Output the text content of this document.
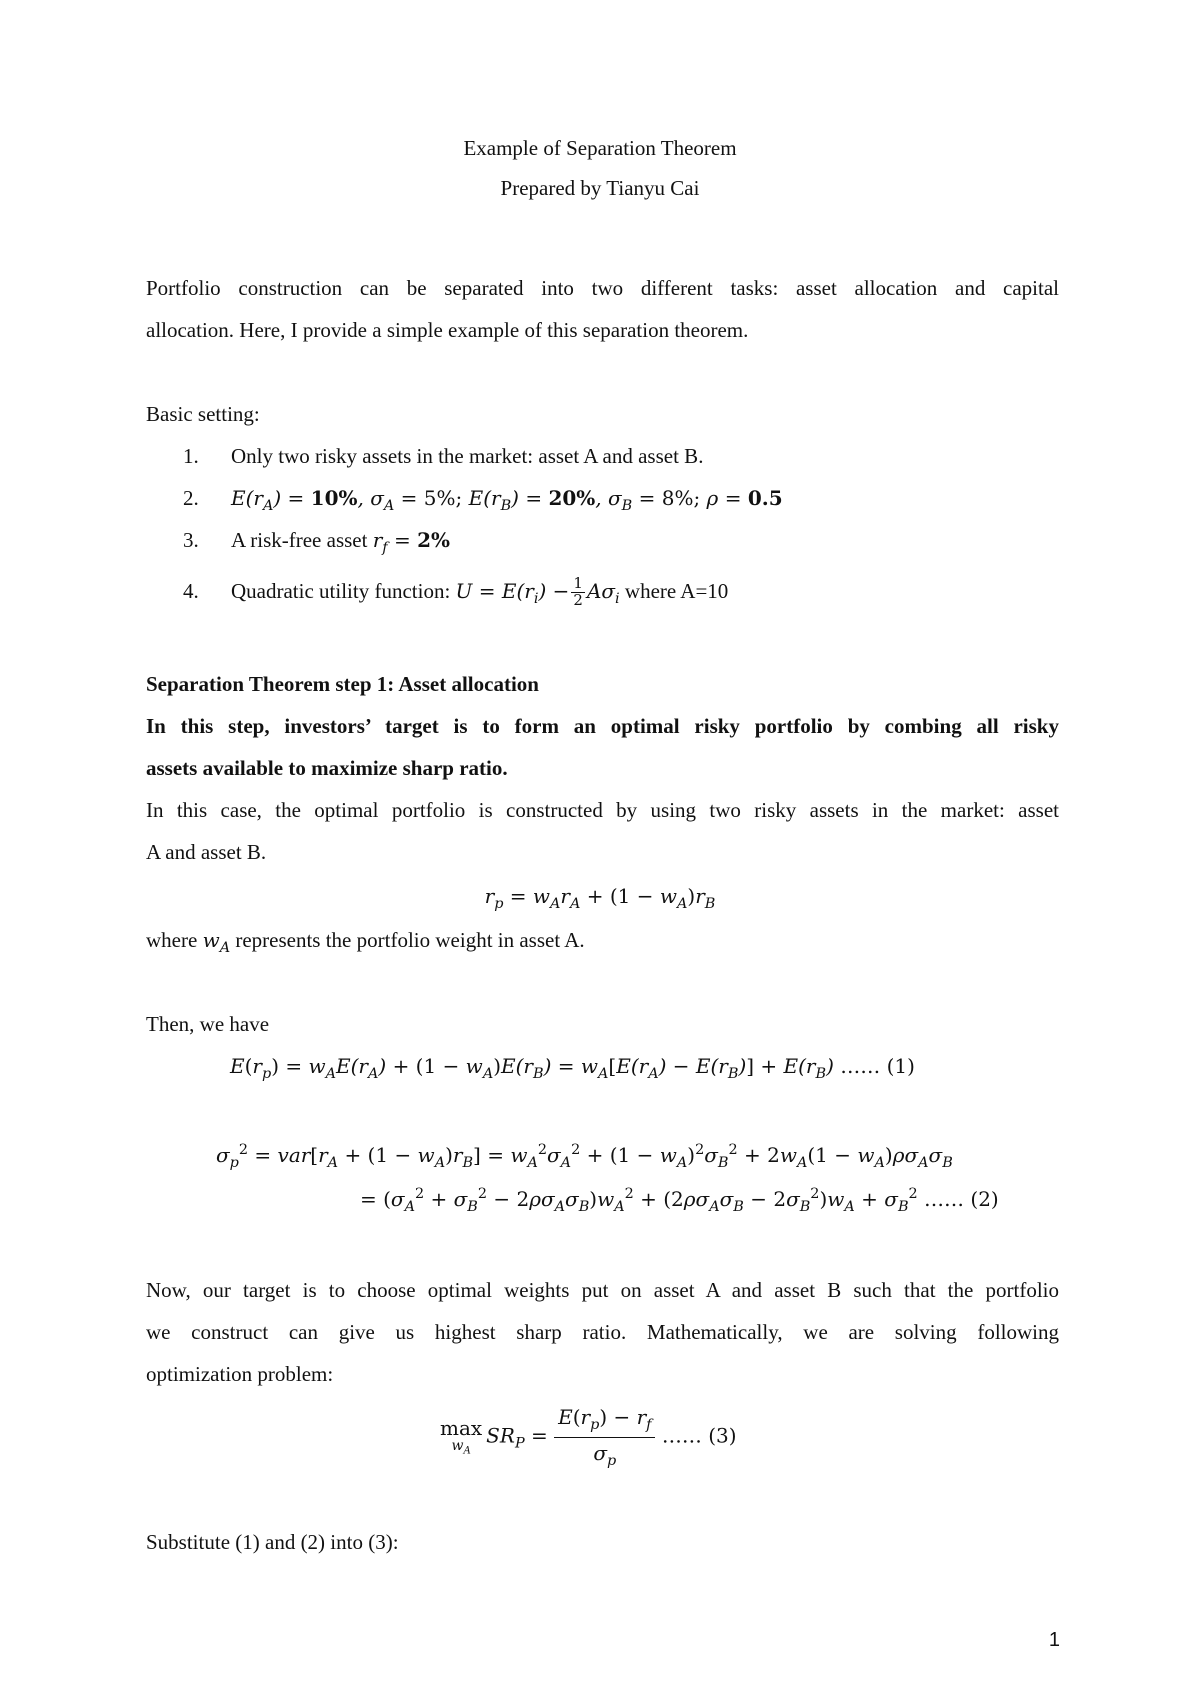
Example of Separation Theorem
Prepared by Tianyu Cai
Portfolio construction can be separated into two different tasks: asset allocation and capital
allocation. Here, I provide a simple example of this separation theorem.
Basic setting:
1. Only two risky assets in the market: asset A and asset B.
2. $E(r_A) = 10\%$, $\sigma_A = 5\%$; $E(r_B) = 20\%$, $\sigma_B = 8\%$; ρ = 0.5
3. A risk-free asset $r_f = 2\%$
4. Quadratic utility function: $U = E(r_i) - \frac{1}{2} A\sigma_i$ where A=10
Separation Theorem step 1: Asset allocation
In this step, investors’ target is to form an optimal risky portfolio by combing all risky
assets available to maximize sharp ratio.
In this case, the optimal portfolio is constructed by using two risky assets in the market: asset
A and asset B.
$r_p = w_Ar_A + (1 - w_A)r_B$
where $w_A$ represents the portfolio weight in asset A.
Then, we have
$E(r_p) = w_AE(r_A) + (1 - w_A)E(r_B) = w_A[E(r_A) - E(r_B)] + E(r_B)$ …… (1)
$\sigma_p^2 = var[r_A + (1 - w_A)r_B] = w_A^2\sigma_A^2 + (1 - w_A)^2\sigma_B^2 + 2w_A(1 - w_A)\rho\sigma_A\sigma_B$
= $(\sigma_A^2 + \sigma_B^2 - 2\rho\sigma_A\sigma_B)w_A^2 + (2\rho\sigma_A\sigma_B - 2\sigma_B^2)w_A + \sigma_B^2$ …… (2)
Now, our target is to choose optimal weights put on asset A and asset B such that the portfolio
we construct can give us highest sharp ratio. Mathematically, we are solving following
optimization problem:
max
$w_A$
$SR_P = \frac{E(r_p) - r_f}{\sigma_p}$ …… (3)
Substitute (1) and (2) into (3):
1
